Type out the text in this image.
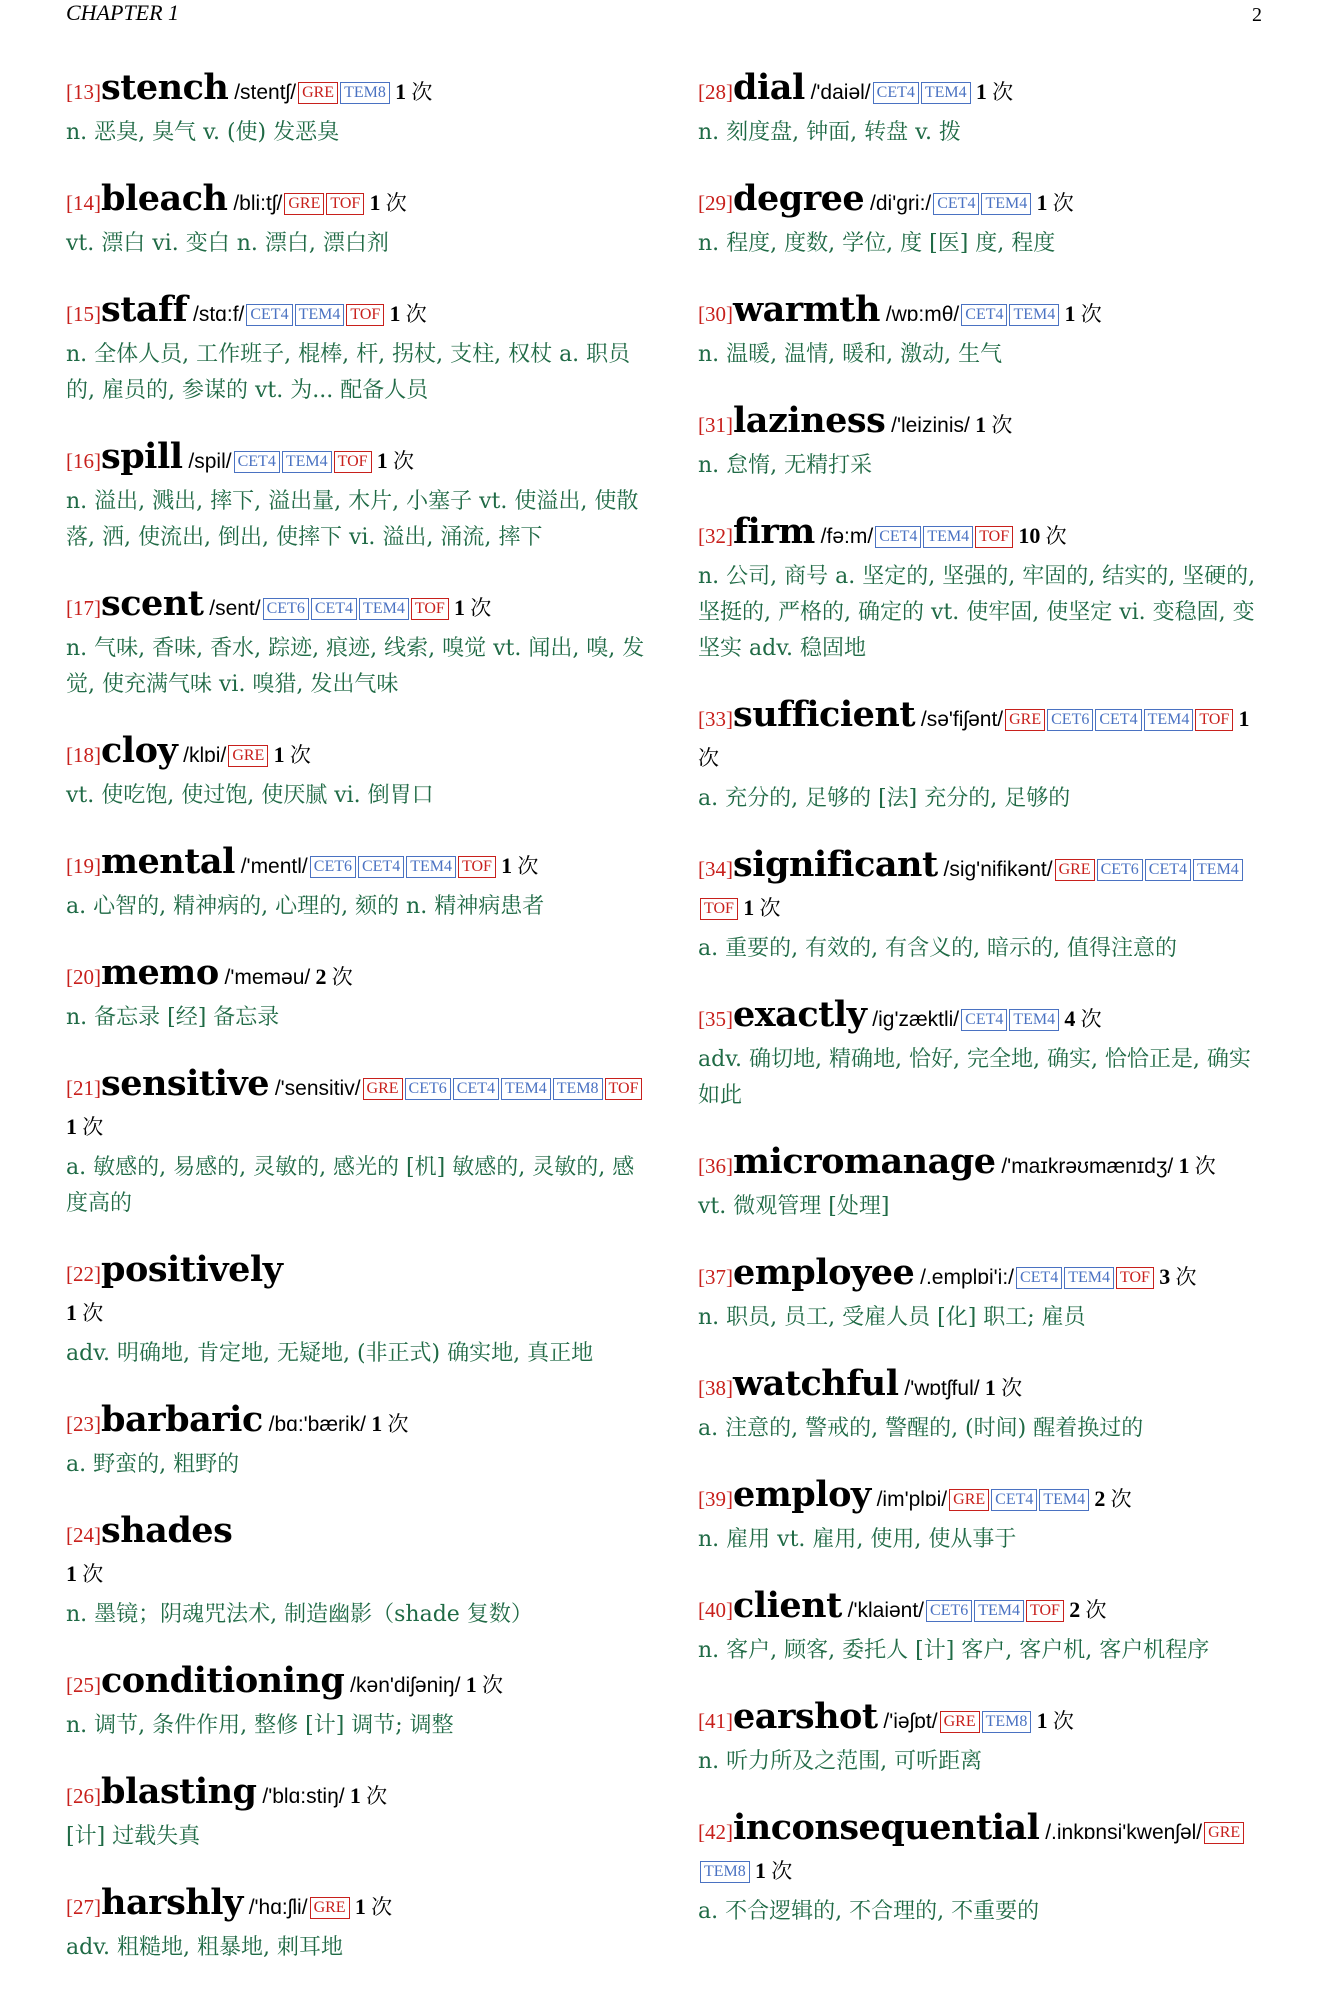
CHAPTER 1	2
[13]stench /stentʃ/ GRE TEM8 1 次
n. 恶臭, 臭气 v. (使) 发恶臭
[14]bleach /bli:tʃ/ GRE TOF 1 次
vt. 漂白 vi. 变白 n. 漂白, 漂白剂
[15]staff /stɑ:f/ CET4 TEM4 TOF 1 次
n. 全体人员, 工作班子, 棍棒, 杆, 拐杖, 支柱, 权杖 a. 职员的, 雇员的, 参谋的 vt. 为... 配备人员
[16]spill /spil/ CET4 TEM4 TOF 1 次
n. 溢出, 溅出, 摔下, 溢出量, 木片, 小塞子 vt. 使溢出, 使散落, 洒, 使流出, 倒出, 使摔下 vi. 溢出, 涌流, 摔下
[17]scent /sent/ CET6 CET4 TEM4 TOF 1 次
n. 气味, 香味, 香水, 踪迹, 痕迹, 线索, 嗅觉 vt. 闻出, 嗅, 发觉, 使充满气味 vi. 嗅猎, 发出气味
[18]cloy /klɒi/ GRE 1 次
vt. 使吃饱, 使过饱, 使厌腻 vi. 倒胃口
[19]mental /'mentl/ CET6 CET4 TEM4 TOF 1 次
a. 心智的, 精神病的, 心理的, 颏的 n. 精神病患者
[20]memo /'meməu/ 2 次
n. 备忘录 [经] 备忘录
[21]sensitive /'sensitiv/ GRE CET6 CET4 TEM4 TEM8 TOF 1 次
a. 敏感的, 易感的, 灵敏的, 感光的 [机] 敏感的, 灵敏的, 感度高的
[22]positively
1 次
adv. 明确地, 肯定地, 无疑地, (非正式) 确实地, 真正地
[23]barbaric /bɑ:'bærik/ 1 次
a. 野蛮的, 粗野的
[24]shades
1 次
n. 墨镜；阴魂咒法术, 制造幽影（shade 复数）
[25]conditioning /kən'diʃəniŋ/ 1 次
n. 调节, 条件作用, 整修 [计] 调节; 调整
[26]blasting /'blɑ:stiŋ/ 1 次
[计] 过载失真
[27]harshly /'hɑ:ʃli/ GRE 1 次
adv. 粗糙地, 粗暴地, 刺耳地
[28]dial /'daiəl/ CET4 TEM4 1 次
n. 刻度盘, 钟面, 转盘 v. 拨
[29]degree /di'gri:/ CET4 TEM4 1 次
n. 程度, 度数, 学位, 度 [医] 度, 程度
[30]warmth /wɒ:mθ/ CET4 TEM4 1 次
n. 温暖, 温情, 暖和, 激动, 生气
[31]laziness /'leizinis/ 1 次
n. 怠惰, 无精打采
[32]firm /fə:m/ CET4 TEM4 TOF 10 次
n. 公司, 商号 a. 坚定的, 坚强的, 牢固的, 结实的, 坚硬的, 坚挺的, 严格的, 确定的 vt. 使牢固, 使坚定 vi. 变稳固, 变坚实 adv. 稳固地
[33]sufficient /sə'fiʃənt/ GRE CET6 CET4 TEM4 TOF 1 次
a. 充分的, 足够的 [法] 充分的, 足够的
[34]significant /sig'nifikənt/ GRE CET6 CET4 TEM4TOF 1 次
a. 重要的, 有效的, 有含义的, 暗示的, 值得注意的
[35]exactly /ig'zæktli/ CET4 TEM4 4 次
adv. 确切地, 精确地, 恰好, 完全地, 确实, 恰恰正是, 确实如此
[36]micromanage /'maɪkrəʊmænɪdʒ/ 1 次
vt. 微观管理 [处理]
[37]employee /.emplɒi'i:/ CET4 TEM4 TOF 3 次
n. 职员, 员工, 受雇人员 [化] 职工; 雇员
[38]watchful /'wɒtʃful/ 1 次
a. 注意的, 警戒的, 警醒的, (时间) 醒着换过的
[39]employ /im'plɒi/ GRE CET4 TEM4 2 次
n. 雇用 vt. 雇用, 使用, 使从事于
[40]client /'klaiənt/ CET6 TEM4 TOF 2 次
n. 客户, 顾客, 委托人 [计] 客户, 客户机, 客户机程序
[41]earshot /'iəʃɒt/ GRE TEM8 1 次
n. 听力所及之范围, 可听距离
[42]inconsequential /.inkɒnsi'kwenʃəl/ GRETEM8 1 次
a. 不合逻辑的, 不合理的, 不重要的
